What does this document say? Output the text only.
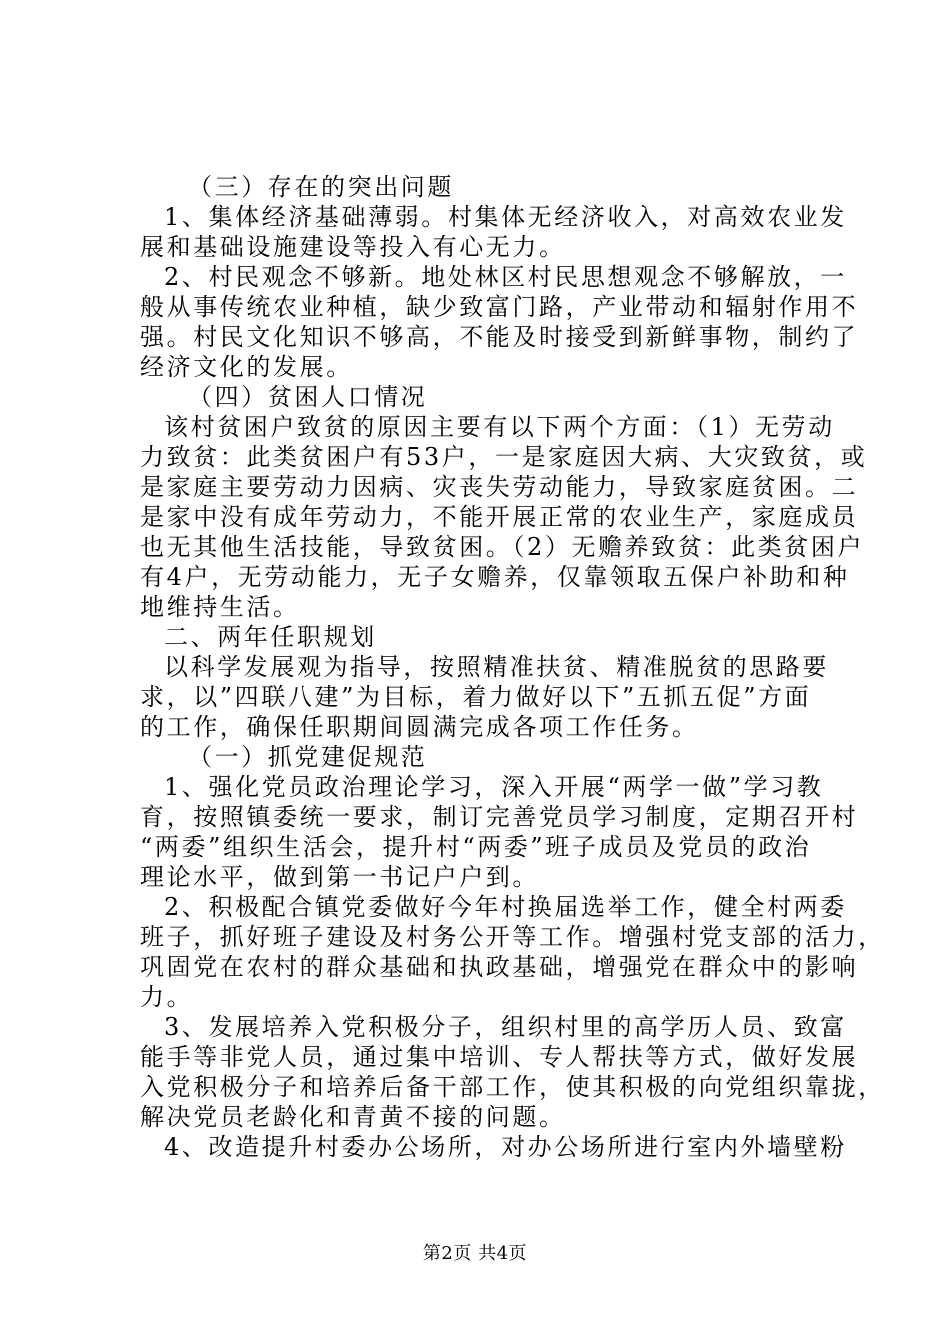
（三）存在的突出问题
1、集体经济基础薄弱。村集体无经济收入，对高效农业发
展和基础设施建设等投入有心无力。
2、村民观念不够新。地处林区村民思想观念不够解放，一
般从事传统农业种植，缺少致富门路，产业带动和辐射作用不
强。村民文化知识不够高，不能及时接受到新鲜事物，制约了
经济文化的发展。
（四）贫困人口情况
该村贫困户致贫的原因主要有以下两个方面：（1）无劳动
力致贫：此类贫困户有53户，一是家庭因大病、大灾致贫，或
是家庭主要劳动力因病、灾丧失劳动能力，导致家庭贫困。二
是家中没有成年劳动力，不能开展正常的农业生产，家庭成员
也无其他生活技能，导致贫困。（2）无赡养致贫：此类贫困户
有4户，无劳动能力，无子女赡养，仅靠领取五保户补助和种
地维持生活。
二、两年任职规划
以科学发展观为指导，按照精准扶贫、精准脱贫的思路要
求，以”四联八建”为目标，着力做好以下”五抓五促”方面
的工作，确保任职期间圆满完成各项工作任务。
（一）抓党建促规范
1、强化党员政治理论学习，深入开展“两学一做”学习教
育，按照镇委统一要求，制订完善党员学习制度，定期召开村
“两委”组织生活会，提升村“两委”班子成员及党员的政治
理论水平，做到第一书记户户到。
2、积极配合镇党委做好今年村换届选举工作，健全村两委
班子，抓好班子建设及村务公开等工作。增强村党支部的活力，
巩固党在农村的群众基础和执政基础，增强党在群众中的影响
力。
3、发展培养入党积极分子，组织村里的高学历人员、致富
能手等非党人员，通过集中培训、专人帮扶等方式，做好发展
入党积极分子和培养后备干部工作，使其积极的向党组织靠拢，
解决党员老龄化和青黄不接的问题。
4、改造提升村委办公场所，对办公场所进行室内外墙壁粉
第2页 共4页
